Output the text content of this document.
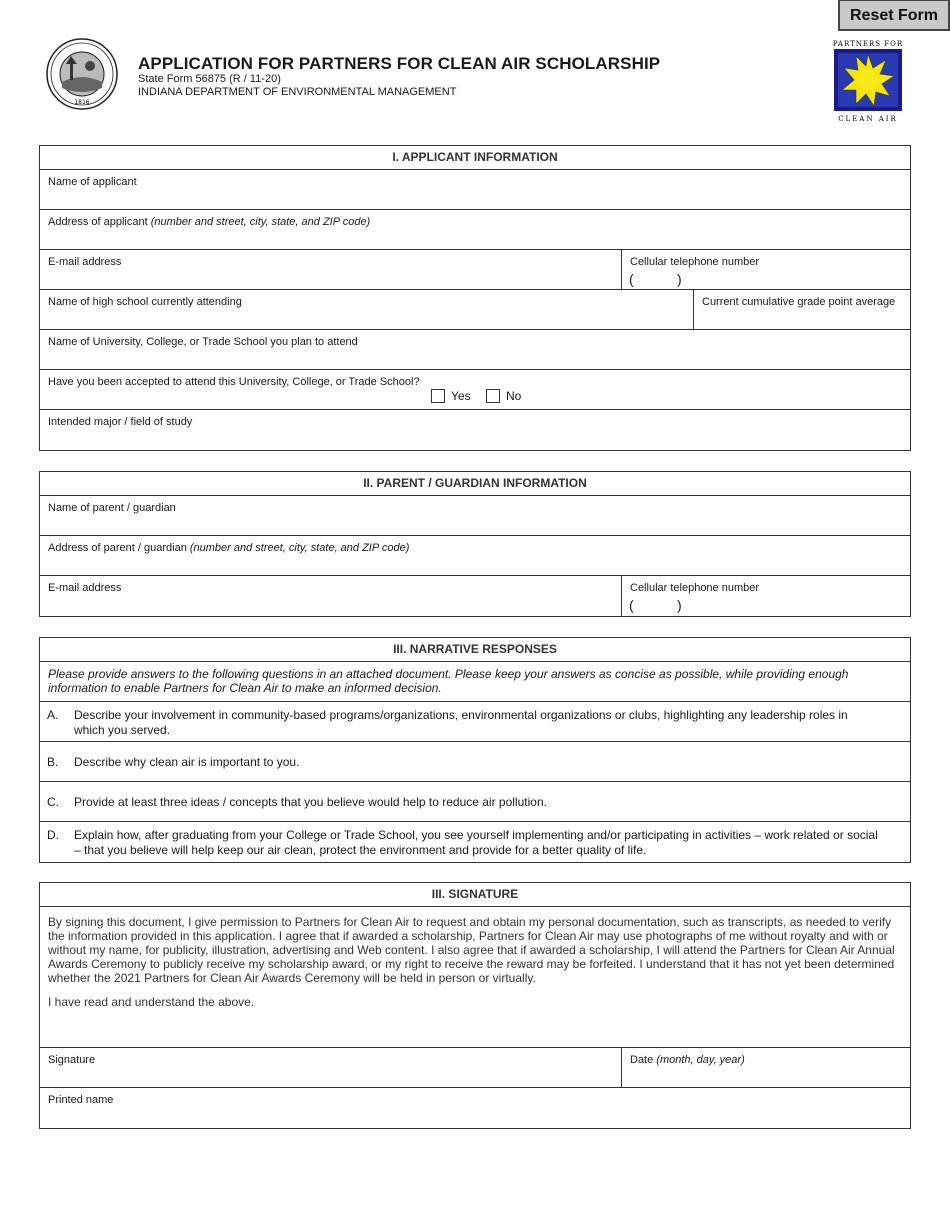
Reset Form
1816
APPLICATION FOR PARTNERS FOR CLEAN AIR SCHOLARSHIP
State Form 56875 (R / 11-20)
INDIANA DEPARTMENT OF ENVIRONMENTAL MANAGEMENT
PARTNERS FOR
CLEAN AIR
I. APPLICANT INFORMATION
Name of applicant
Address of applicant (number and street, city, state, and ZIP code)
E-mail address	Cellular telephone number
(	)
Name of high school currently attending	Current cumulative grade point average
Name of University, College, or Trade School you plan to attend
Have you been accepted to attend this University, College, or Trade School?
Yes	No
Intended major / field of study
II. PARENT / GUARDIAN INFORMATION
Name of parent / guardian
Address of parent / guardian (number and street, city, state, and ZIP code)
E-mail address	Cellular telephone number
(	)
III. NARRATIVE RESPONSES
Please provide answers to the following questions in an attached document. Please keep your answers as concise as possible, while providing enough information to enable Partners for Clean Air to make an informed decision.
A. Describe your involvement in community-based programs/organizations, environmental organizations or clubs, highlighting any leadership roles in which you served.
B. Describe why clean air is important to you.
C. Provide at least three ideas / concepts that you believe would help to reduce air pollution.
D. Explain how, after graduating from your College or Trade School, you see yourself implementing and/or participating in activities – work related or social – that you believe will help keep our air clean, protect the environment and provide for a better quality of life.
III. SIGNATURE

By signing this document, I give permission to Partners for Clean Air to request and obtain my personal documentation, such as transcripts, as needed to verify the information provided in this application. I agree that if awarded a scholarship, Partners for Clean Air may use photographs of me without royalty and with or without my name, for publicity, illustration, advertising and Web content. I also agree that if awarded a scholarship, I will attend the Partners for Clean Air Annual Awards Ceremony to publicly receive my scholarship award, or my right to receive the reward may be forfeited. I understand that it has not yet been determined whether the 2021 Partners for Clean Air Awards Ceremony will be held in person or virtually.

I have read and understand the above.

Signature	Date (month, day, year)
Printed name
